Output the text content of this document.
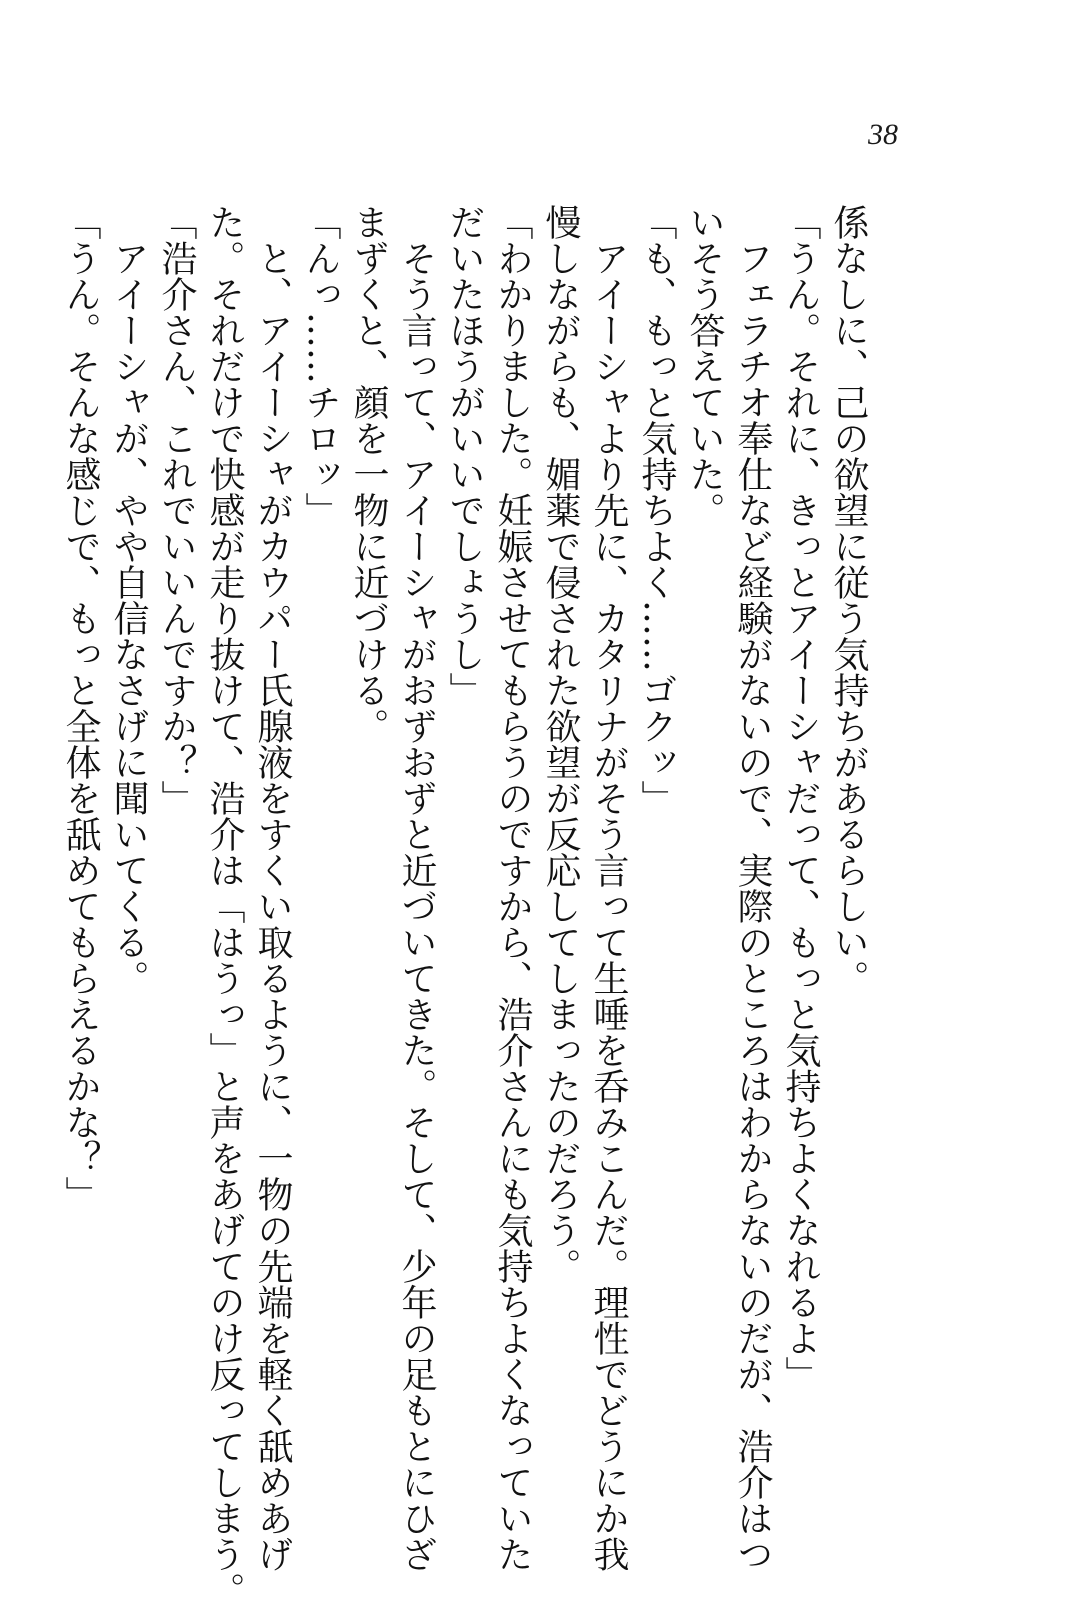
38

係なしに、己の欲望に従う気持ちがあるらしい。

「うん。それに、きっとアイーシャだって、もっと気持ちよくなれるよ」

　フェラチオ奉仕など経験がないので、実際のところはわからないのだが、浩介はつ

いそう答えていた。

「も、もっと気持ちよく……ゴクッ」

　アイーシャより先に、カタリナがそう言って生唾を呑みこんだ。理性でどうにか我

慢しながらも、媚薬で侵された欲望が反応してしまったのだろう。

「わかりました。妊娠させてもらうのですから、浩介さんにも気持ちよくなっていた

だいたほうがいいでしょうし」

　そう言って、アイーシャがおずおずと近づいてきた。そして、少年の足もとにひざ

まずくと、顔を一物に近づける。

「んっ……チロッ」

　と、アイーシャがカウパー氏腺液をすくい取るように、一物の先端を軽く舐めあげ

た。それだけで快感が走り抜けて、浩介は「はうっ」と声をあげてのけ反ってしまう。

「浩介さん、これでいいんですか？」

　アイーシャが、やや自信なさげに聞いてくる。

「うん。そんな感じで、もっと全体を舐めてもらえるかな？」
